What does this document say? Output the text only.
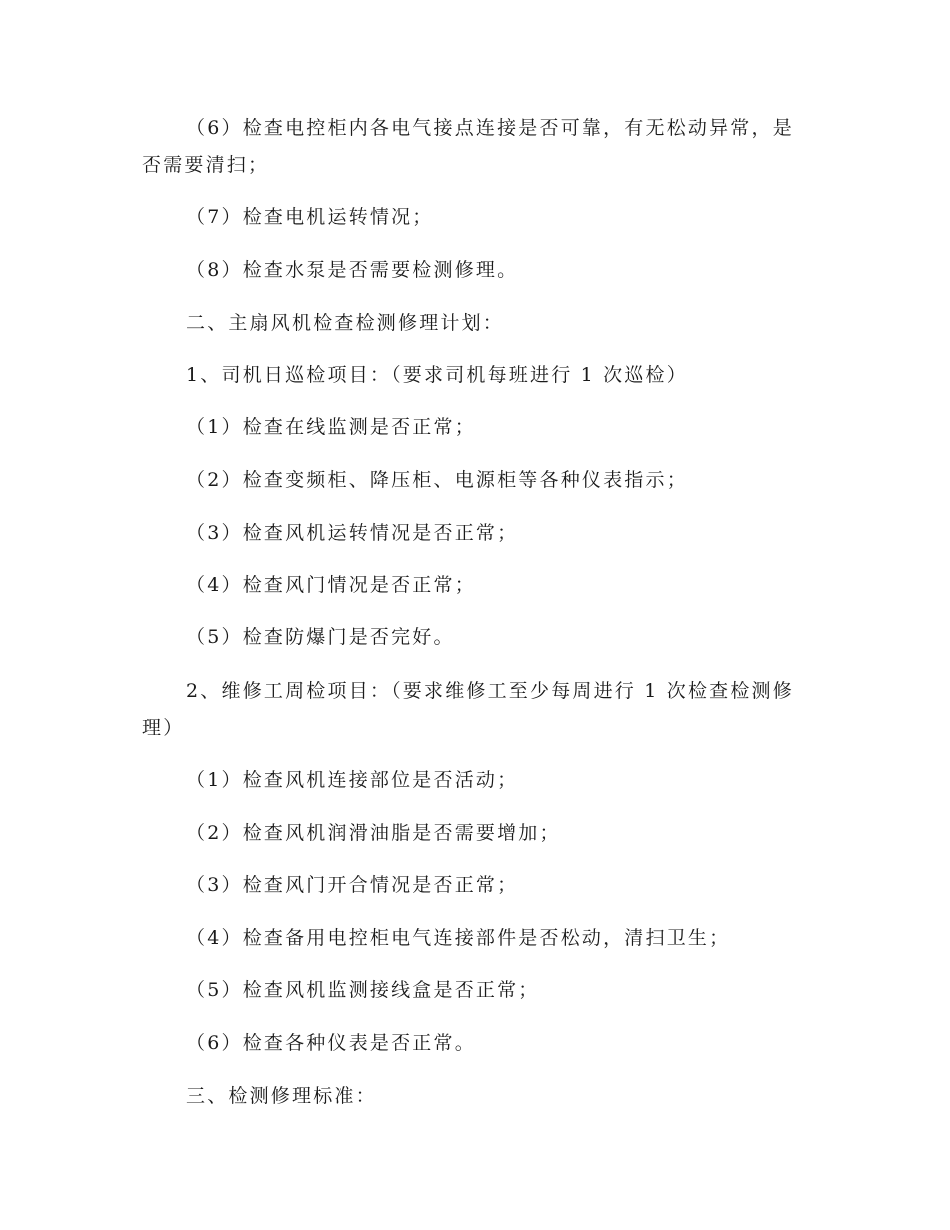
（6）检查电控柜内各电气接点连接是否可靠，有无松动异常，是
否需要清扫；
（7）检查电机运转情况；
（8）检查水泵是否需要检测修理。
二、主扇风机检查检测修理计划：
1、司机日巡检项目：（要求司机每班进行 1 次巡检）
（1）检查在线监测是否正常；
（2）检查变频柜、降压柜、电源柜等各种仪表指示；
（3）检查风机运转情况是否正常；
（4）检查风门情况是否正常；
（5）检查防爆门是否完好。
2、维修工周检项目：（要求维修工至少每周进行 1 次检查检测修
理）
（1）检查风机连接部位是否活动；
（2）检查风机润滑油脂是否需要增加；
（3）检查风门开合情况是否正常；
（4）检查备用电控柜电气连接部件是否松动，清扫卫生；
（5）检查风机监测接线盒是否正常；
（6）检查各种仪表是否正常。
三、检测修理标准：
